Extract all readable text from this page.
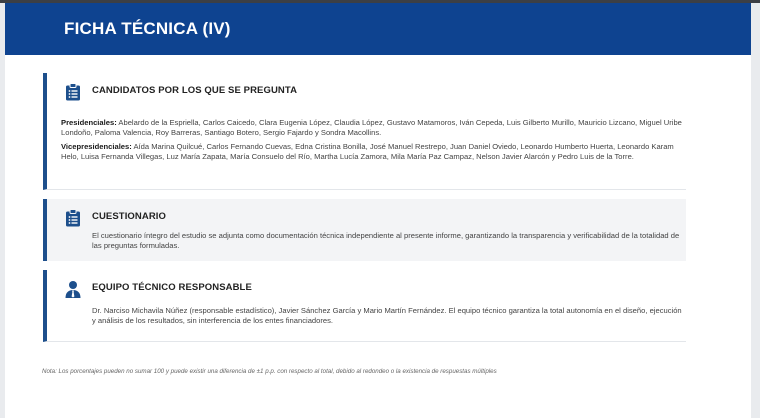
FICHA TÉCNICA (IV)
CANDIDATOS POR LOS QUE SE PREGUNTA
Presidenciales: Abelardo de la Espriella, Carlos Caicedo, Clara Eugenia López, Claudia López, Gustavo Matamoros, Iván Cepeda, Luis Gilberto Murillo, Mauricio Lizcano, Miguel Uribe Londoño, Paloma Valencia, Roy Barreras, Santiago Botero, Sergio Fajardo y Sondra Macollins.
Vicepresidenciales: Aída Marina Quilcué, Carlos Fernando Cuevas, Edna Cristina Bonilla, José Manuel Restrepo, Juan Daniel Oviedo, Leonardo Humberto Huerta, Leonardo Karam Helo, Luisa Fernanda Villegas, Luz María Zapata, María Consuelo del Río, Martha Lucía Zamora, Mila María Paz Campaz, Nelson Javier Alarcón y Pedro Luis de la Torre.
CUESTIONARIO
El cuestionario íntegro del estudio se adjunta como documentación técnica independiente al presente informe, garantizando la transparencia y verificabilidad de la totalidad de las preguntas formuladas.
EQUIPO TÉCNICO RESPONSABLE
Dr. Narciso Michavila Núñez (responsable estadístico), Javier Sánchez García y Mario Martín Fernández. El equipo técnico garantiza la total autonomía en el diseño, ejecución y análisis de los resultados, sin interferencia de los entes financiadores.
Nota: Los porcentajes pueden no sumar 100 y puede existir una diferencia de ±1 p.p. con respecto al total, debido al redondeo o la existencia de respuestas múltiples
